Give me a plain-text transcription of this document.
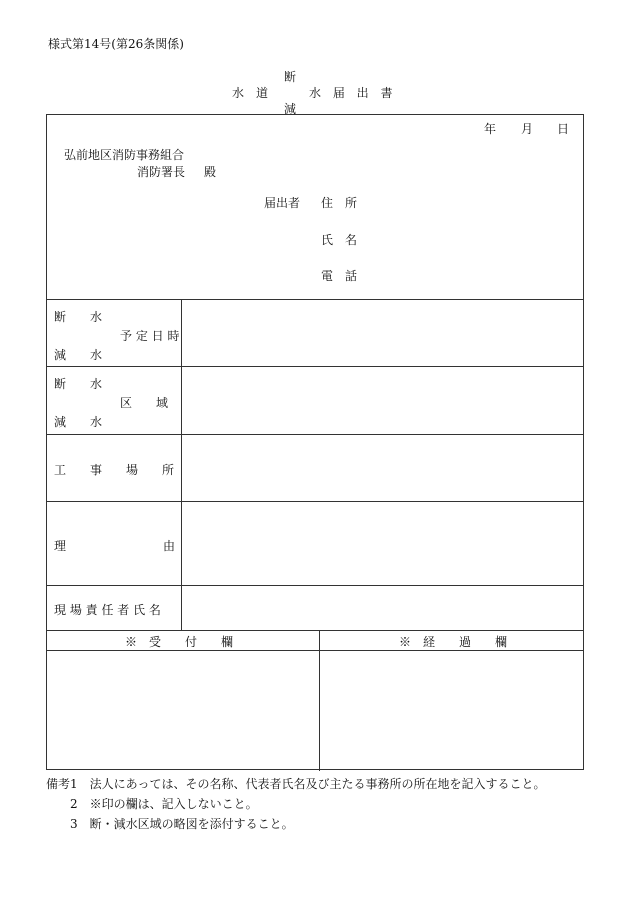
様式第14号(第26条関係)
断
水　道
減
水 届 出 書
年 月 日
弘前地区消防事務組合
消防署長 殿
届出者 住　所
氏　名
電　話
断　　水
予 定 日 時
減　　水
断　　水
区　　域
減　　水
工　　事　　場　　所
理	由
現 場 責 任 者 氏 名
※　受　　付　　欄	※　経　　過　　欄
備考1　法人にあっては、その名称、代表者氏名及び主たる事務所の所在地を記入すること。
2　※印の欄は、記入しないこと。
3　断・減水区域の略図を添付すること。
